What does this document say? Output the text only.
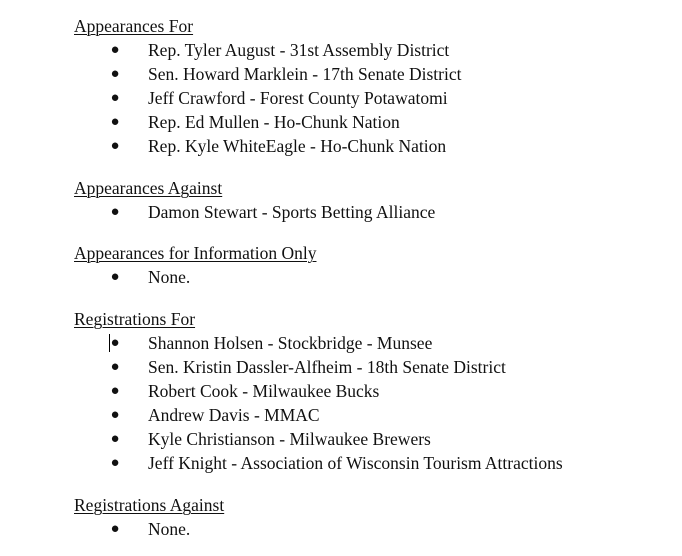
Appearances For

● Rep. Tyler August - 31st Assembly District
● Sen. Howard Marklein - 17th Senate District
● Jeff Crawford - Forest County Potawatomi
● Rep. Ed Mullen - Ho-Chunk Nation
● Rep. Kyle WhiteEagle - Ho-Chunk Nation

Appearances Against

● Damon Stewart - Sports Betting Alliance

Appearances for Information Only

● None.

Registrations For

● Shannon Holsen - Stockbridge - Munsee
● Sen. Kristin Dassler-Alfheim - 18th Senate District
● Robert Cook - Milwaukee Bucks
● Andrew Davis - MMAC
● Kyle Christianson - Milwaukee Brewers
● Jeff Knight - Association of Wisconsin Tourism Attractions

Registrations Against

● None.
